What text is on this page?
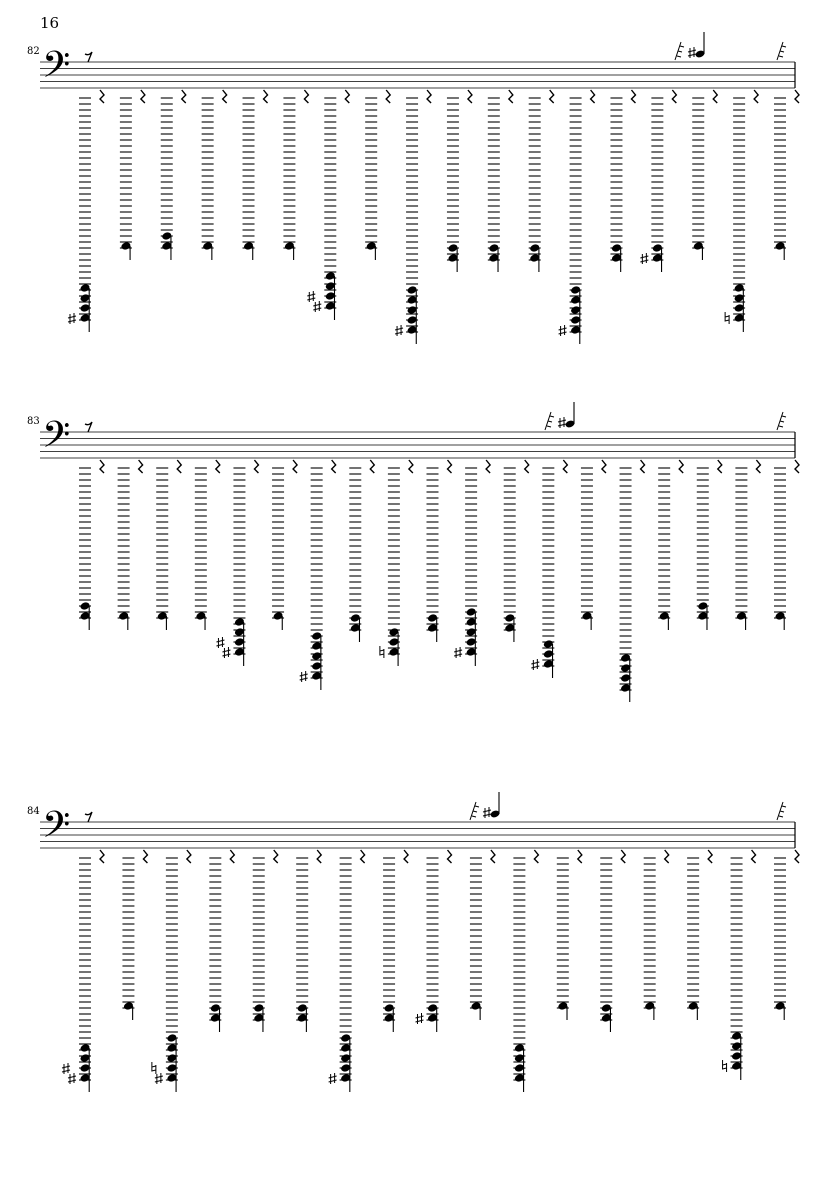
16
82 𝄢
83 𝄢
84 𝄢
